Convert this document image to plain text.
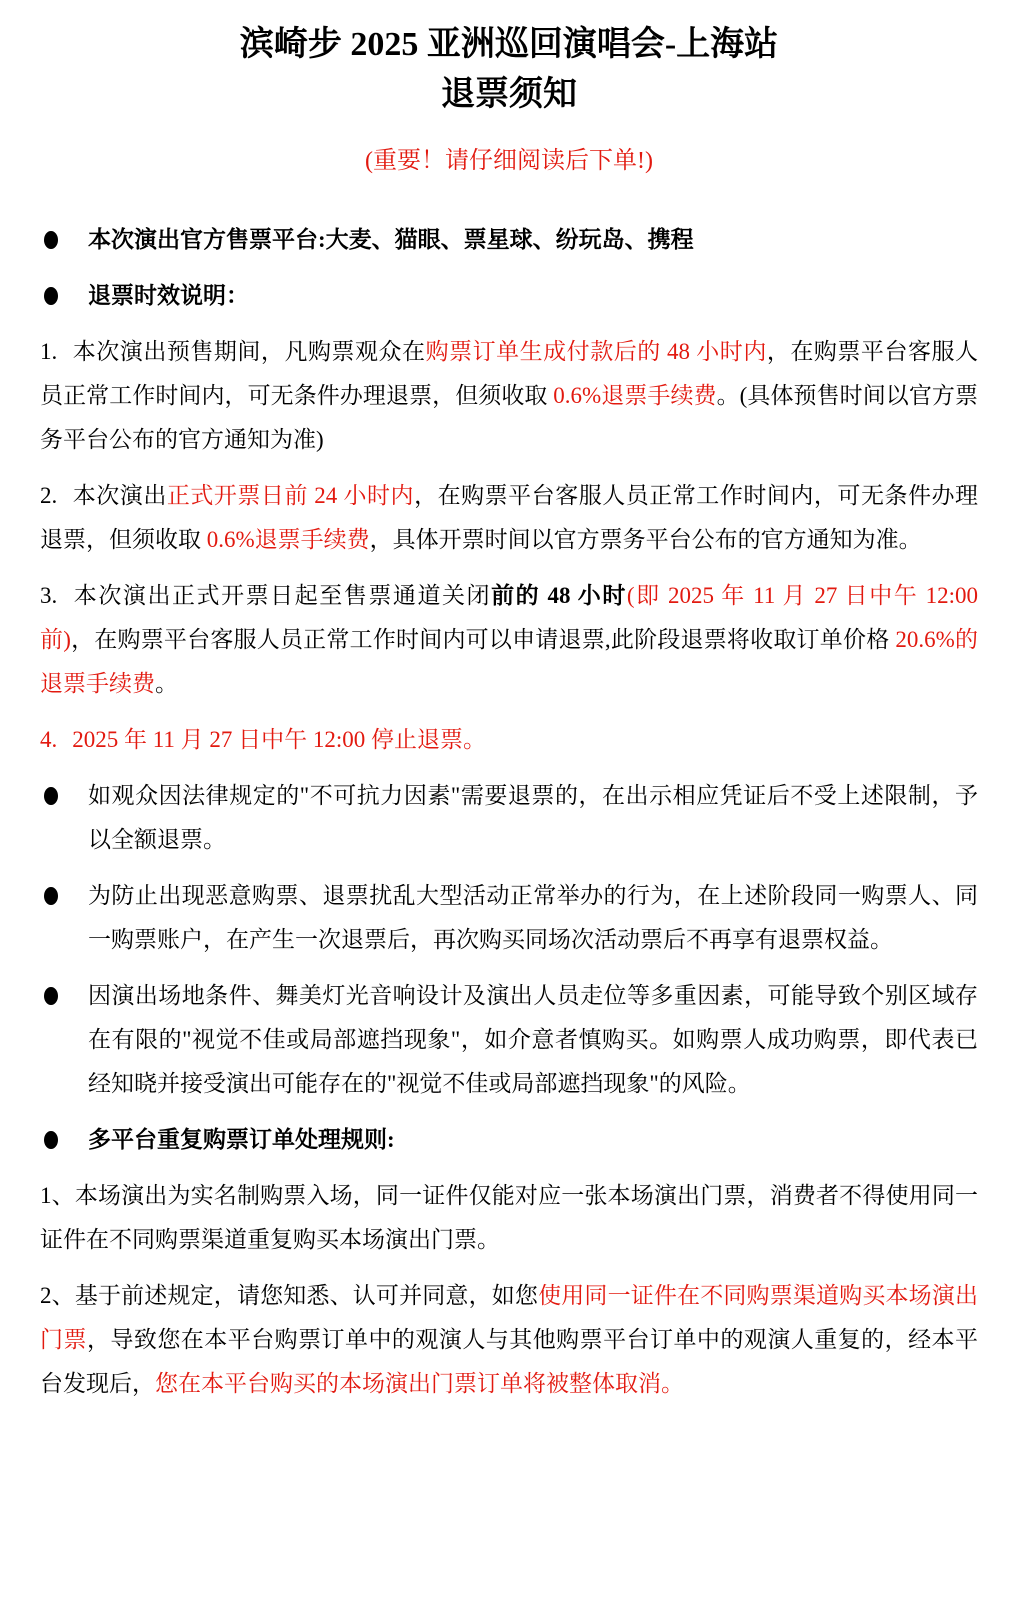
滨崎步 2025 亚洲巡回演唱会-上海站
退票须知
(重要！请仔细阅读后下单!)
本次演出官方售票平台:大麦、猫眼、票星球、纷玩岛、携程
退票时效说明：
1. 本次演出预售期间，凡购票观众在购票订单生成付款后的 48 小时内，在购票平台客服人员正常工作时间内，可无条件办理退票，但须收取 0.6%退票手续费。(具体预售时间以官方票务平台公布的官方通知为准)
2. 本次演出正式开票日前 24 小时内，在购票平台客服人员正常工作时间内，可无条件办理退票，但须收取 0.6%退票手续费，具体开票时间以官方票务平台公布的官方通知为准。
3. 本次演出正式开票日起至售票通道关闭前的 48 小时(即 2025 年 11 月 27 日中午 12:00 前)，在购票平台客服人员正常工作时间内可以申请退票,此阶段退票将收取订单价格 20.6%的退票手续费。
4. 2025 年 11 月 27 日中午 12:00 停止退票。
如观众因法律规定的"不可抗力因素"需要退票的，在出示相应凭证后不受上述限制，予以全额退票。
为防止出现恶意购票、退票扰乱大型活动正常举办的行为，在上述阶段同一购票人、同一购票账户，在产生一次退票后，再次购买同场次活动票后不再享有退票权益。
因演出场地条件、舞美灯光音响设计及演出人员走位等多重因素，可能导致个别区域存在有限的"视觉不佳或局部遮挡现象"，如介意者慎购买。如购票人成功购票，即代表已经知晓并接受演出可能存在的"视觉不佳或局部遮挡现象"的风险。
多平台重复购票订单处理规则:
1、本场演出为实名制购票入场，同一证件仅能对应一张本场演出门票，消费者不得使用同一证件在不同购票渠道重复购买本场演出门票。
2、基于前述规定，请您知悉、认可并同意，如您使用同一证件在不同购票渠道购买本场演出门票，导致您在本平台购票订单中的观演人与其他购票平台订单中的观演人重复的，经本平台发现后，您在本平台购买的本场演出门票订单将被整体取消。
